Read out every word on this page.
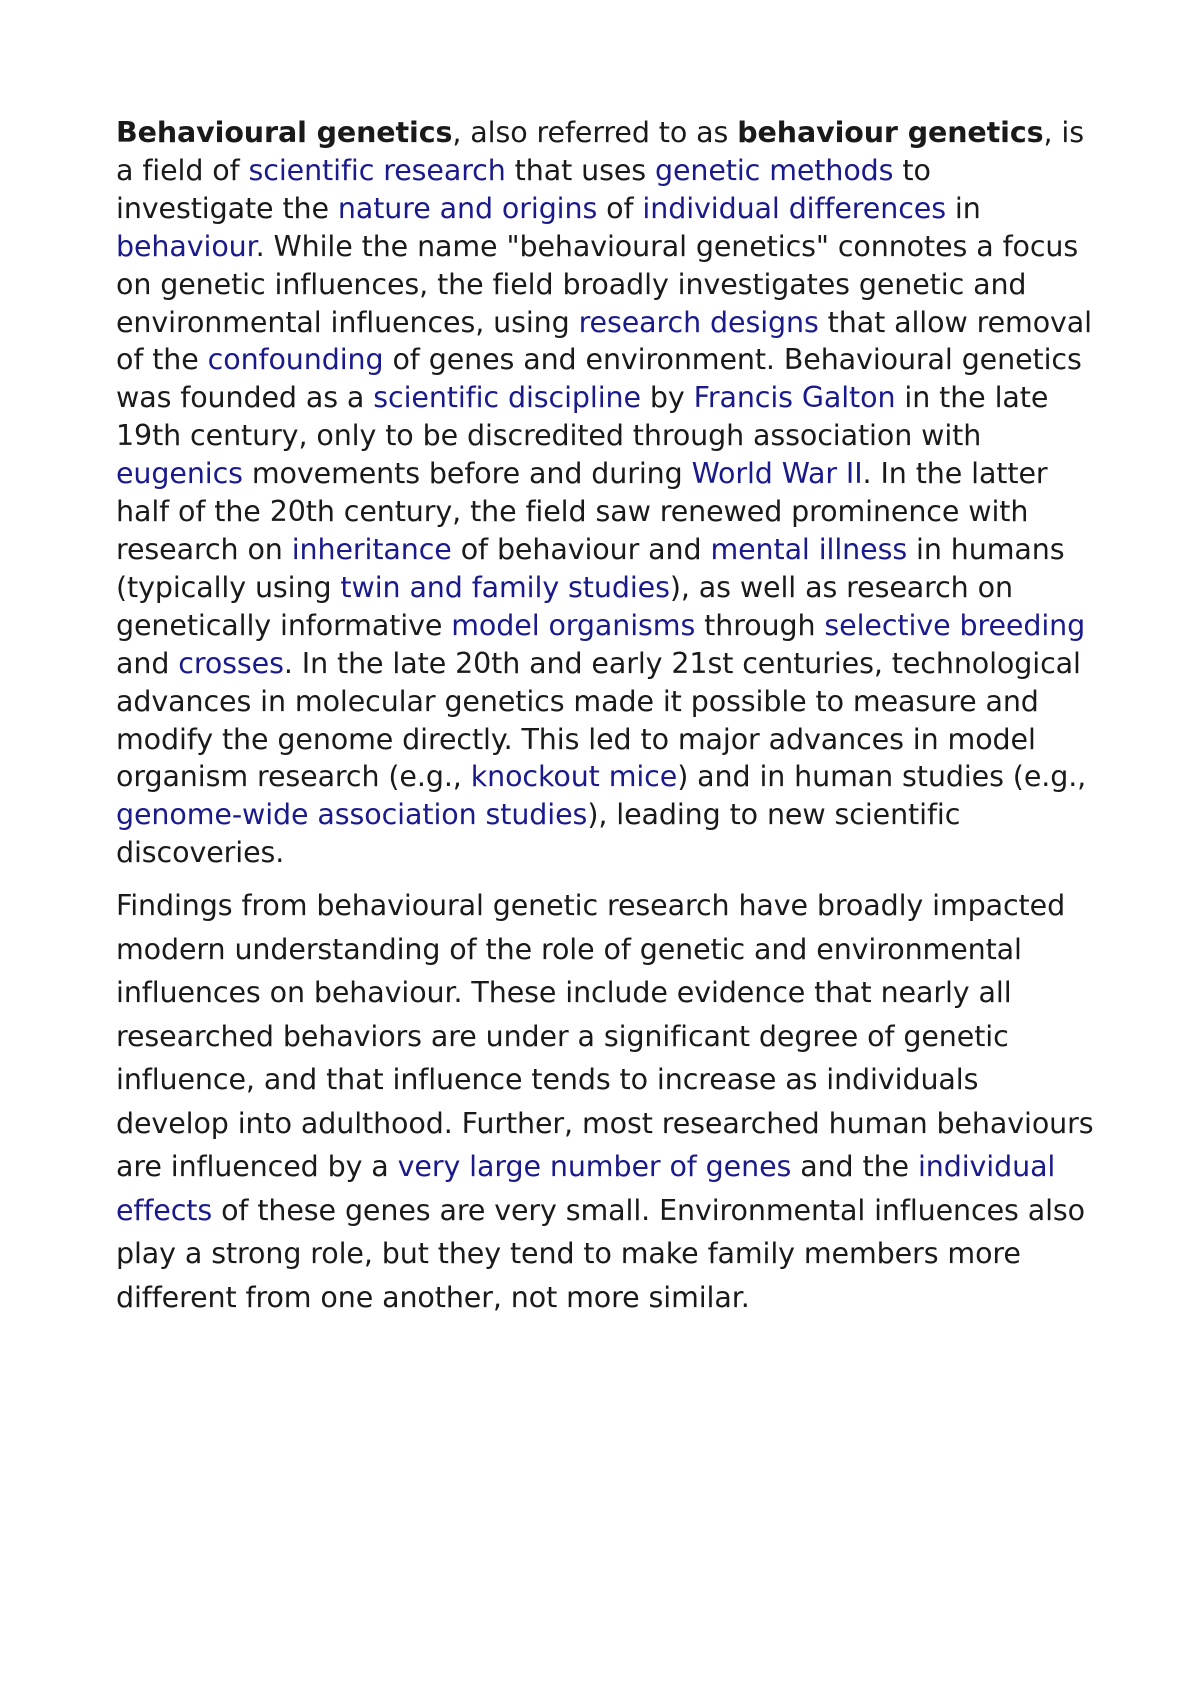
Behavioural genetics, also referred to as behaviour genetics, is a field of scientific research that uses genetic methods to investigate the nature and origins of individual differences in behaviour. While the name "behavioural genetics" connotes a focus on genetic influences, the field broadly investigates genetic and environmental influences, using research designs that allow removal of the confounding of genes and environment. Behavioural genetics was founded as a scientific discipline by Francis Galton in the late 19th century, only to be discredited through association with eugenics movements before and during World War II. In the latter half of the 20th century, the field saw renewed prominence with research on inheritance of behaviour and mental illness in humans (typically using twin and family studies), as well as research on genetically informative model organisms through selective breeding and crosses. In the late 20th and early 21st centuries, technological advances in molecular genetics made it possible to measure and modify the genome directly. This led to major advances in model organism research (e.g., knockout mice) and in human studies (e.g., genome-wide association studies), leading to new scientific discoveries.

Findings from behavioural genetic research have broadly impacted modern understanding of the role of genetic and environmental influences on behaviour. These include evidence that nearly all researched behaviors are under a significant degree of genetic influence, and that influence tends to increase as individuals develop into adulthood. Further, most researched human behaviours are influenced by a very large number of genes and the individual effects of these genes are very small. Environmental influences also play a strong role, but they tend to make family members more different from one another, not more similar.
